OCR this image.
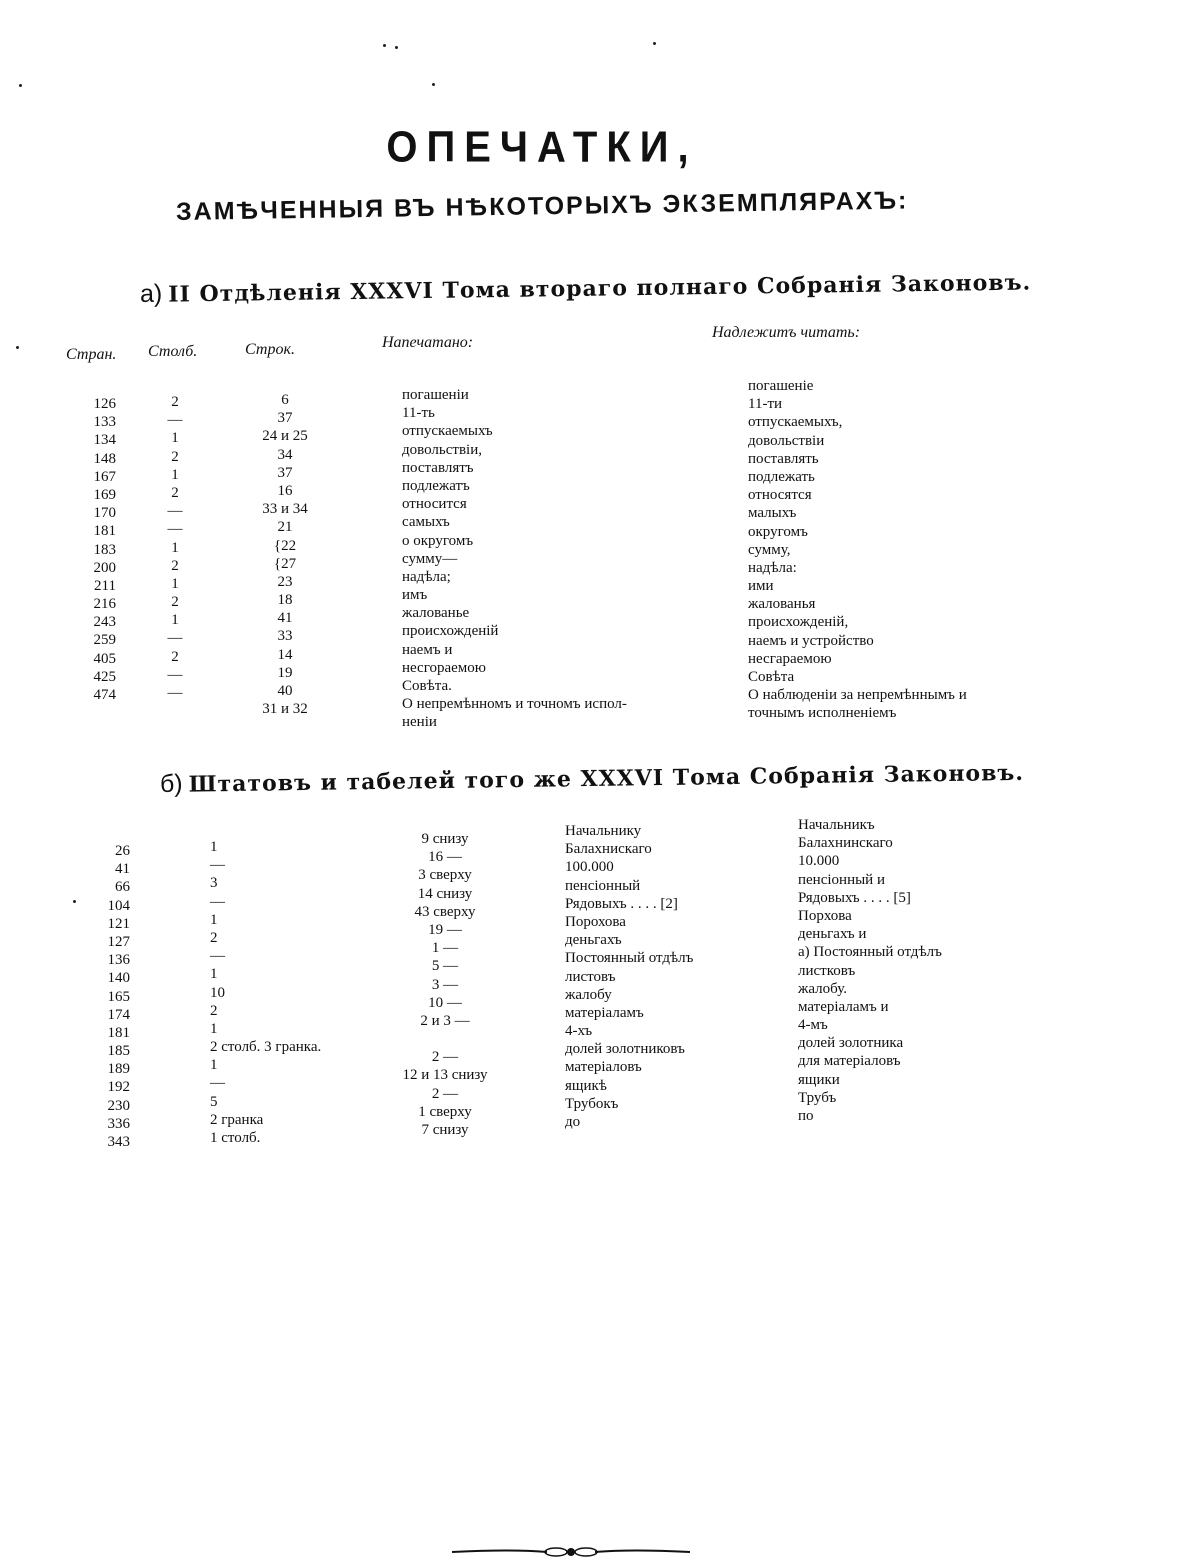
ОПЕЧАТКИ,
ЗАМѢЧЕННЫЯ ВЪ НѢКОТОРЫХЪ ЭКЗЕМПЛЯРАХЪ:
а) II Отдѣленія XXXVI Тома втораго полнаго Собранія Законовъ.
Стран. Столб.	Строк.	Напечатано:
Надлежитъ читать:
126
133
134
148
167
169
170
181
183
200
211
216
243
259
405
425
474
2
—
1
2
1
2
—
—
1
2
1
2
1
—
2
—
—
6
37
24 и 25
34
37
16
33 и 34
21
{22
{27
23
18
41
33
14
19
40
31 и 32
погашеніи
11-ть
отпускаемыхъ
довольствіи,
поставлятъ
подлежатъ
относится
самыхъ
о округомъ
сумму—
надѣла;
имъ
жалованье
происхожденій
наемъ и
несгораемою
Совѣта.
О непремѣнномъ и точномъ испол-
неніи
погашеніе
11-ти
отпускаемыхъ,
довольствіи
поставлять
подлежать
относятся
малыхъ
округомъ
сумму,
надѣла:
ими
жалованья
происхожденій,
наемъ и устройство
несгараемою
Совѣта
О наблюденіи за непремѣннымъ и
точнымъ исполненіемъ
б) Штатовъ и табелей того же XXXVI Тома Собранія Законовъ.
26
41
66
104
121
127
136
140
165
174
181
185
189
192
230
336
343
1
—
3
—
1
2
—
1
10
2
1
2 столб. 3 гранка.
1
—
5
2 гранка
1 столб.
9 снизу
16 —
3 сверху
14 снизу
43 сверху
19 —
1 —
5 —
3 —
10 —
2 и 3 —
2 —
12 и 13 снизу
2 —
1 сверху
7 снизу
Начальнику
Балахнискаго
100.000
пенсіонный
Рядовыхъ . . . . [2]
Порохова
деньгахъ
Постоянный отдѣлъ
листовъ
жалобу
матеріаламъ
4-хъ
долей золотниковъ
матеріаловъ
ящикѣ
Трубокъ
до
Начальникъ
Балахнинскаго
10.000
пенсіонный и
Рядовыхъ . . . . [5]
Порхова
деньгахъ и
а) Постоянный отдѣлъ
листковъ
жалобу.
матеріаламъ и
4-мъ
долей золотника
для матеріаловъ
ящики
Трубъ
по
